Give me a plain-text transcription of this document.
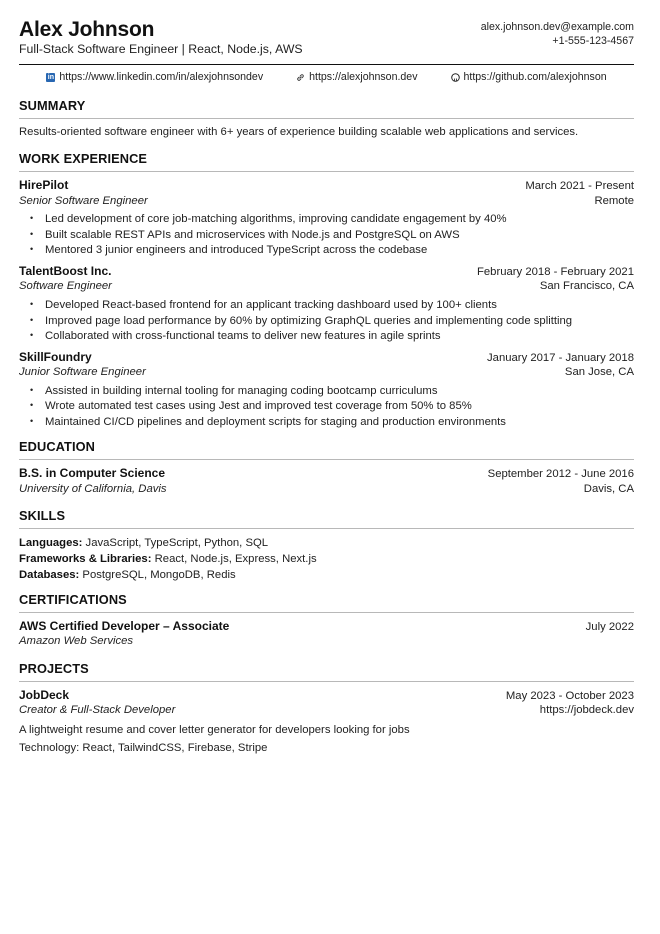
Alex Johnson
Full-Stack Software Engineer | React, Node.js, AWS
alex.johnson.dev@example.com
+1-555-123-4567
in https://www.linkedin.com/in/alexjohnsondev	https://alexjohnson.dev	https://github.com/alexjohnson
SUMMARY
Results-oriented software engineer with 6+ years of experience building scalable web applications and services.
WORK EXPERIENCE
HirePilot	March 2021 - Present
Senior Software Engineer	Remote
• Led development of core job-matching algorithms, improving candidate engagement by 40%
• Built scalable REST APIs and microservices with Node.js and PostgreSQL on AWS
• Mentored 3 junior engineers and introduced TypeScript across the codebase
TalentBoost Inc.	February 2018 - February 2021
Software Engineer	San Francisco, CA
• Developed React-based frontend for an applicant tracking dashboard used by 100+ clients
• Improved page load performance by 60% by optimizing GraphQL queries and implementing code splitting
• Collaborated with cross-functional teams to deliver new features in agile sprints
SkillFoundry	January 2017 - January 2018
Junior Software Engineer	San Jose, CA
• Assisted in building internal tooling for managing coding bootcamp curriculums
• Wrote automated test cases using Jest and improved test coverage from 50% to 85%
• Maintained CI/CD pipelines and deployment scripts for staging and production environments
EDUCATION
B.S. in Computer Science	September 2012 - June 2016
University of California, Davis	Davis, CA
SKILLS
Languages: JavaScript, TypeScript, Python, SQL
Frameworks & Libraries: React, Node.js, Express, Next.js
Databases: PostgreSQL, MongoDB, Redis
CERTIFICATIONS
AWS Certified Developer – Associate	July 2022
Amazon Web Services
PROJECTS
JobDeck	May 2023 - October 2023
Creator & Full-Stack Developer	https://jobdeck.dev
A lightweight resume and cover letter generator for developers looking for jobs
Technology: React, TailwindCSS, Firebase, Stripe
